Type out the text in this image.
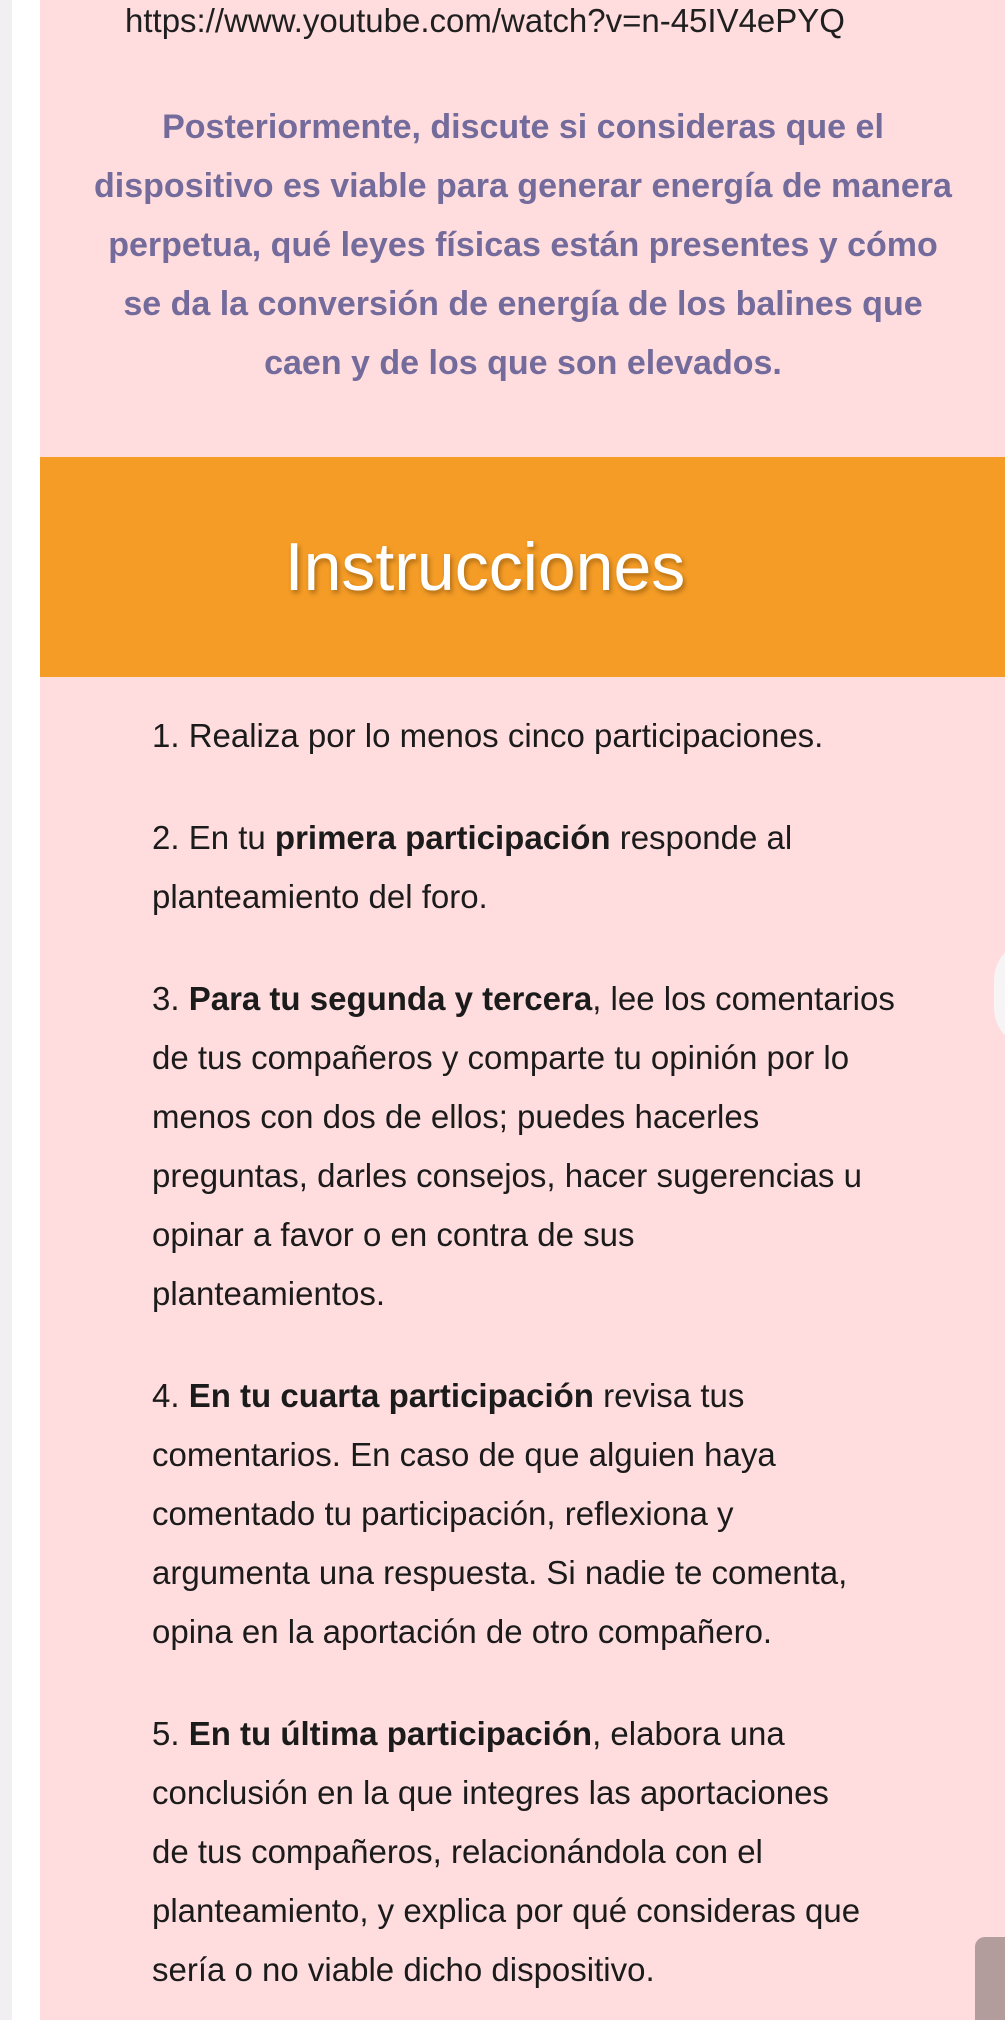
https://www.youtube.com/watch?v=n-45IV4ePYQ
Posteriormente, discute si consideras que el
dispositivo es viable para generar energía de manera
perpetua, qué leyes físicas están presentes y cómo
se da la conversión de energía de los balines que
caen y de los que son elevados.
Instrucciones
1. Realiza por lo menos cinco participaciones.
2. En tu primera participación responde al
planteamiento del foro.
3. Para tu segunda y tercera, lee los comentarios
de tus compañeros y comparte tu opinión por lo
menos con dos de ellos; puedes hacerles
preguntas, darles consejos, hacer sugerencias u
opinar a favor o en contra de sus
planteamientos.
4. En tu cuarta participación revisa tus
comentarios. En caso de que alguien haya
comentado tu participación, reflexiona y
argumenta una respuesta. Si nadie te comenta,
opina en la aportación de otro compañero.
5. En tu última participación, elabora una
conclusión en la que integres las aportaciones
de tus compañeros, relacionándola con el
planteamiento, y explica por qué consideras que
sería o no viable dicho dispositivo.
